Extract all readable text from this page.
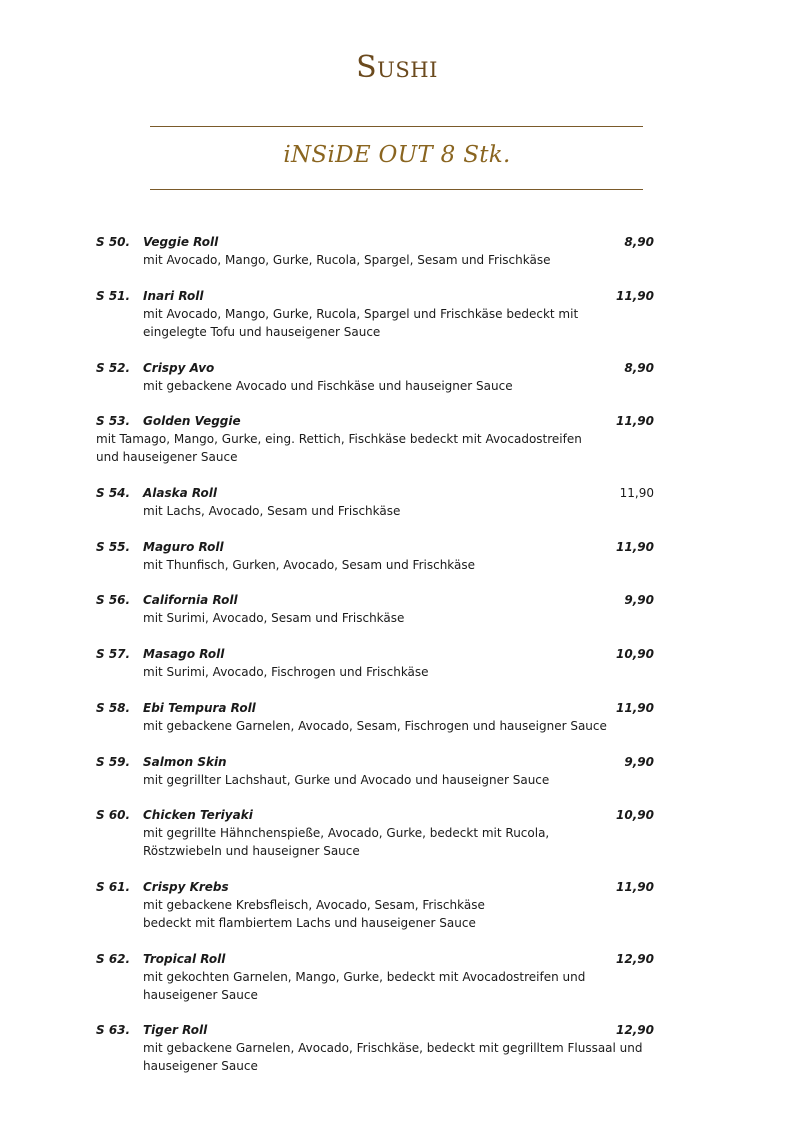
Sushi
iNSiDE OUT 8 Stk.
S 50. Veggie Roll	8,90
mit Avocado, Mango, Gurke, Rucola, Spargel, Sesam und Frischkäse
S 51. Inari Roll	11,90
mit Avocado, Mango, Gurke, Rucola, Spargel und Frischkäse bedeckt mit
eingelegte Tofu und hauseigener Sauce
S 52. Crispy Avo	8,90
mit gebackene Avocado und Fischkäse und hauseigner Sauce
S 53. Golden Veggie	11,90
mit Tamago, Mango, Gurke, eing. Rettich, Fischkäse bedeckt mit Avocadostreifen
und hauseigener Sauce
S 54. Alaska Roll	11,90
mit Lachs, Avocado, Sesam und Frischkäse
S 55. Maguro Roll	11,90
mit Thunfisch, Gurken, Avocado, Sesam und Frischkäse
S 56. California Roll	9,90
mit Surimi, Avocado, Sesam und Frischkäse
S 57. Masago Roll	10,90
mit Surimi, Avocado, Fischrogen und Frischkäse
S 58. Ebi Tempura Roll	11,90
mit gebackene Garnelen, Avocado, Sesam, Fischrogen und hauseigner Sauce
S 59. Salmon Skin	9,90
mit gegrillter Lachshaut, Gurke und Avocado und hauseigner Sauce
S 60. Chicken Teriyaki	10,90
mit gegrillte Hähnchenspieße, Avocado, Gurke, bedeckt mit Rucola,
Röstzwiebeln und hauseigner Sauce
S 61. Crispy Krebs	11,90
mit gebackene Krebsfleisch, Avocado, Sesam, Frischkäse
bedeckt mit flambiertem Lachs und hauseigener Sauce
S 62. Tropical Roll	12,90
mit gekochten Garnelen, Mango, Gurke, bedeckt mit Avocadostreifen und
hauseigener Sauce
S 63. Tiger Roll	12,90
mit gebackene Garnelen, Avocado, Frischkäse, bedeckt mit gegrilltem Flussaal und
hauseigener Sauce
